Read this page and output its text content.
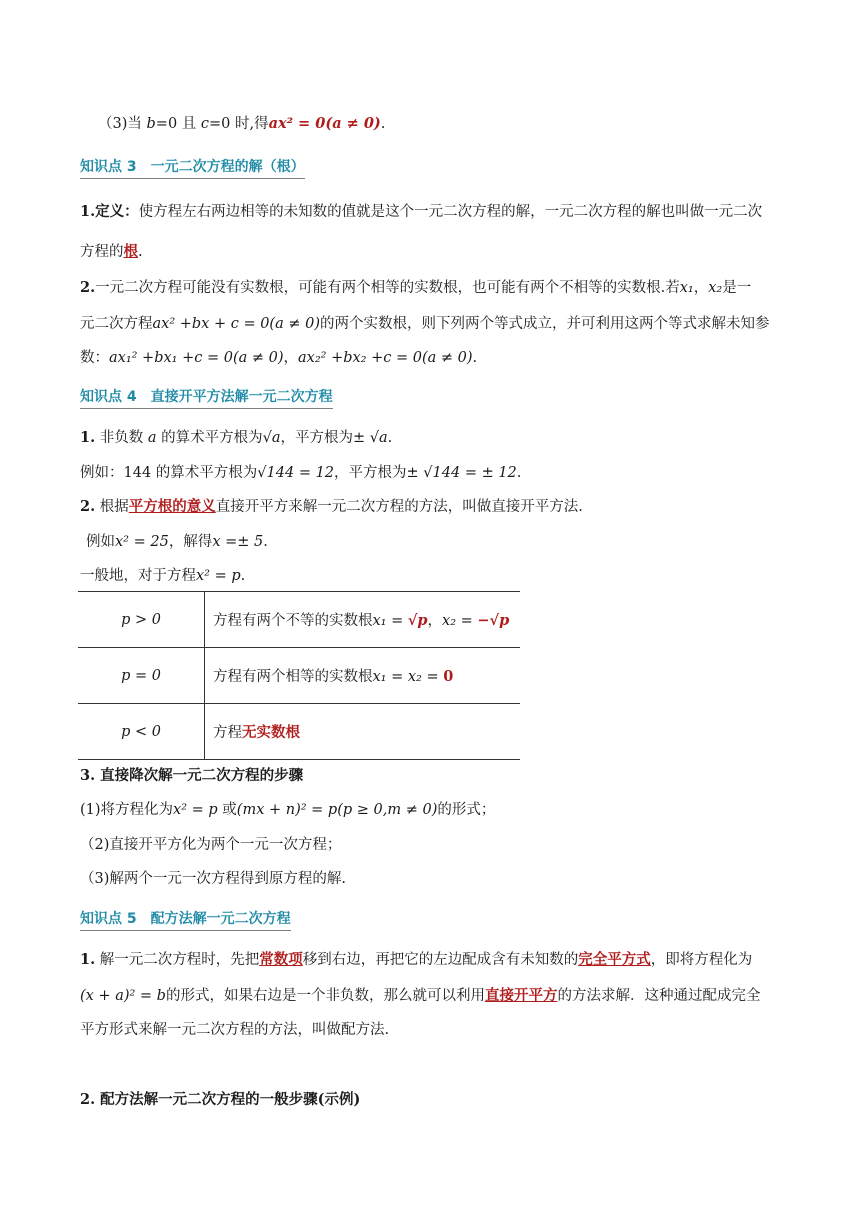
（3)当 b=0 且 c=0 时,得ax² = 0(a ≠ 0).
知识点 3　一元二次方程的解（根）
1.定义：使方程左右两边相等的未知数的值就是这个一元二次方程的解，一元二次方程的解也叫做一元二次
方程的根.
2.一元二次方程可能没有实数根，可能有两个相等的实数根，也可能有两个不相等的实数根.若x₁，x₂是一
元二次方程ax² +bx + c = 0(a ≠ 0)的两个实数根，则下列两个等式成立，并可利用这两个等式求解未知参
数：ax₁² +bx₁ +c = 0(a ≠ 0)，ax₂² +bx₂ +c = 0(a ≠ 0).
知识点 4　直接开平方法解一元二次方程
1. 非负数 a 的算术平方根为√a，平方根为± √a.
例如：144 的算术平方根为√144 = 12，平方根为± √144 = ± 12.
2. 根据平方根的意义直接开平方来解一元二次方程的方法，叫做直接开平方法.
例如x² = 25，解得x =± 5.
一般地，对于方程x² = p.
p > 0	方程有两个不等的实数根x₁ = √p，x₂ = −√p
p = 0	方程有两个相等的实数根x₁ = x₂ = 0
p < 0	方程无实数根
3. 直接降次解一元二次方程的步骤
(1)将方程化为x² = p 或(mx + n)² = p(p ≥ 0,m ≠ 0)的形式；
（2)直接开平方化为两个一元一次方程；
（3)解两个一元一次方程得到原方程的解.
知识点 5　配方法解一元二次方程
1. 解一元二次方程时，先把常数项移到右边，再把它的左边配成含有未知数的完全平方式，即将方程化为
(x + a)² = b的形式，如果右边是一个非负数，那么就可以利用直接开平方的方法求解．这种通过配成完全
平方形式来解一元二次方程的方法，叫做配方法.
2. 配方法解一元二次方程的一般步骤(示例)
